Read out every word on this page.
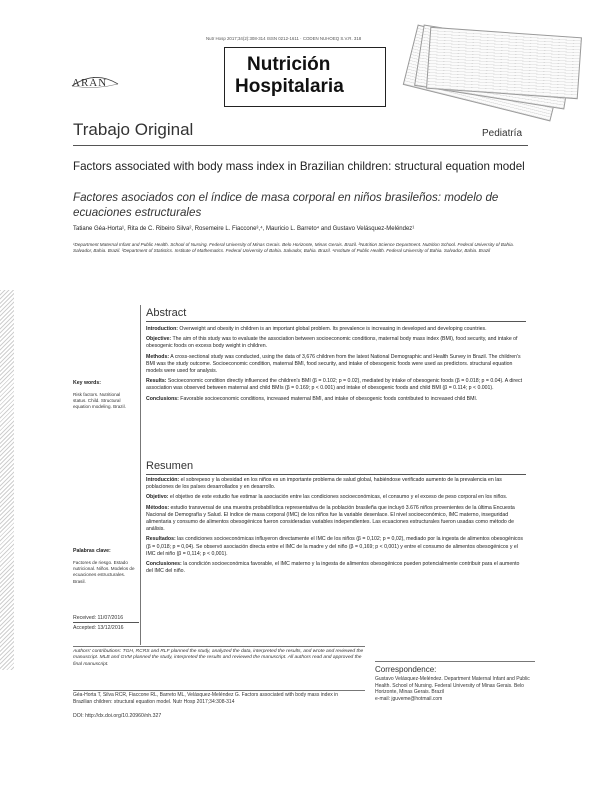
Nutr Hosp 2017;34(2):308-314 ISSN 0212-1611 · CODEN NUHOEQ S.V.R. 318
ARÁN
Nutrición
Hospitalaria
Trabajo Original	Pediatría
Factors associated with body mass index in Brazilian children: structural equation model
Factores asociados con el índice de masa corporal en niños brasileños: modelo de ecuaciones estructurales
Tatiane Géa-Horta¹, Rita de C. Ribeiro Silva², Rosemeire L. Fiaccone³,⁴, Mauricio L. Barreto⁴ and Gustavo Velásquez-Meléndez¹
¹Department Maternal Infant and Public Health. School of Nursing. Federal University of Minas Gerais. Belo Horizonte, Minas Gerais. Brazil. ²Nutrition Science Department. Nutrition School. Federal University of Bahia. Salvador, Bahia. Brazil. ³Department of Statistics. Institute of Mathematics. Federal University of Bahia. Salvador, Bahia. Brazil. ⁴Institute of Public Health. Federal University of Bahia. Salvador, Bahia. Brazil
Abstract

Introduction: Overweight and obesity in children is an important global problem. Its prevalence is increasing in developed and developing countries.

Objective: The aim of this study was to evaluate the association between socioeconomic conditions, maternal body mass index (BMI), food security, and intake of obesogenic foods on excess body weight in children.

Methods: A cross-sectional study was conducted, using the data of 3,676 children from the latest National Demographic and Health Survey in Brazil. The children's BMI was the study outcome. Socioeconomic condition, maternal BMI, food security, and intake of obesogenic foods were used as predictors. structural equation models were used for analysis.

Results: Socioeconomic condition directly influenced the children's BMI (β = 0.102; p = 0.02), mediated by intake of obesogenic foods (β = 0.018; p = 0.04). A direct association was observed between maternal and child BMIs (β = 0.169; p < 0.001) and intake of obesogenic foods and child BMI (β = 0.114; p < 0.001).

Conclusions: Favorable socioeconomic conditions, increased maternal BMI, and intake of obesogenic foods contributed to increased child BMI.

Key words:
Risk factors. Nutritional status. Child. Structural equation modeling. Brazil.
Resumen

Introducción: el sobrepeso y la obesidad en los niños es un importante problema de salud global, habiéndose verificado aumento de la prevalencia en las poblaciones de los países desarrollados y en desarrollo.

Objetivo: el objetivo de este estudio fue estimar la asociación entre las condiciones socioeconómicas, el consumo y el exceso de peso corporal en los niños.

Métodos: estudio transversal de una muestra probabilística representativa de la población brasileña que incluyó 3.676 niños provenientes de la última Encuesta Nacional de Demografía y Salud. El índice de masa corporal (IMC) de los niños fue la variable desenlace. El nivel socioeconómico, IMC materno, inseguridad alimentaria y consumo de alimentos obesogénicos fueron consideradas variables independientes. Las ecuaciones estructurales fueron usadas como método de análisis.

Resultados: las condiciones socioeconómicas influyeron directamente el IMC de los niños (β = 0,102; p = 0,02), mediado por la ingesta de alimentos obesogénicos (β = 0,018; p = 0,04). Se observó asociación directa entre el IMC de la madre y del niño (β = 0,169; p < 0,001) y entre el consumo de alimentos obesogénicos y el IMC del niño (β = 0,114; p < 0,001).

Conclusiones: la condición socioeconómica favorable, el IMC materno y la ingesta de alimentos obesogénicos pueden potencialmente contribuir para el aumento del IMC del niño.

Palabras clave:
Factores de riesgo. Estado nutricional. Niños. Modelos de ecuaciones estructurales. Brasil.
Received: 11/07/2016
Accepted: 13/12/2016
Authors' contributions: TGH, RCRS and RLF planned the study, analyzed the data, interpreted the results, and wrote and reviewed the manuscript. MLB and GVM planned the study, interpreted the results and reviewed the manuscript. All authors read and approved the final manuscript.
Géa-Horta T, Silva RCR, Fiaccone RL, Barreto ML, Velásquez-Meléndez G. Factors associated with body mass index in Brazilian children: structural equation model. Nutr Hosp 2017;34:308-314
DOI: http://dx.doi.org/10.20960/nh.327
Correspondence:
Gustavo Velásquez-Meléndez. Department Maternal Infant and Public Health. School of Nursing. Federal University of Minas Gerais. Belo Horizonte, Minas Gerais. Brazil
e-mail: jguveme@hotmail.com
